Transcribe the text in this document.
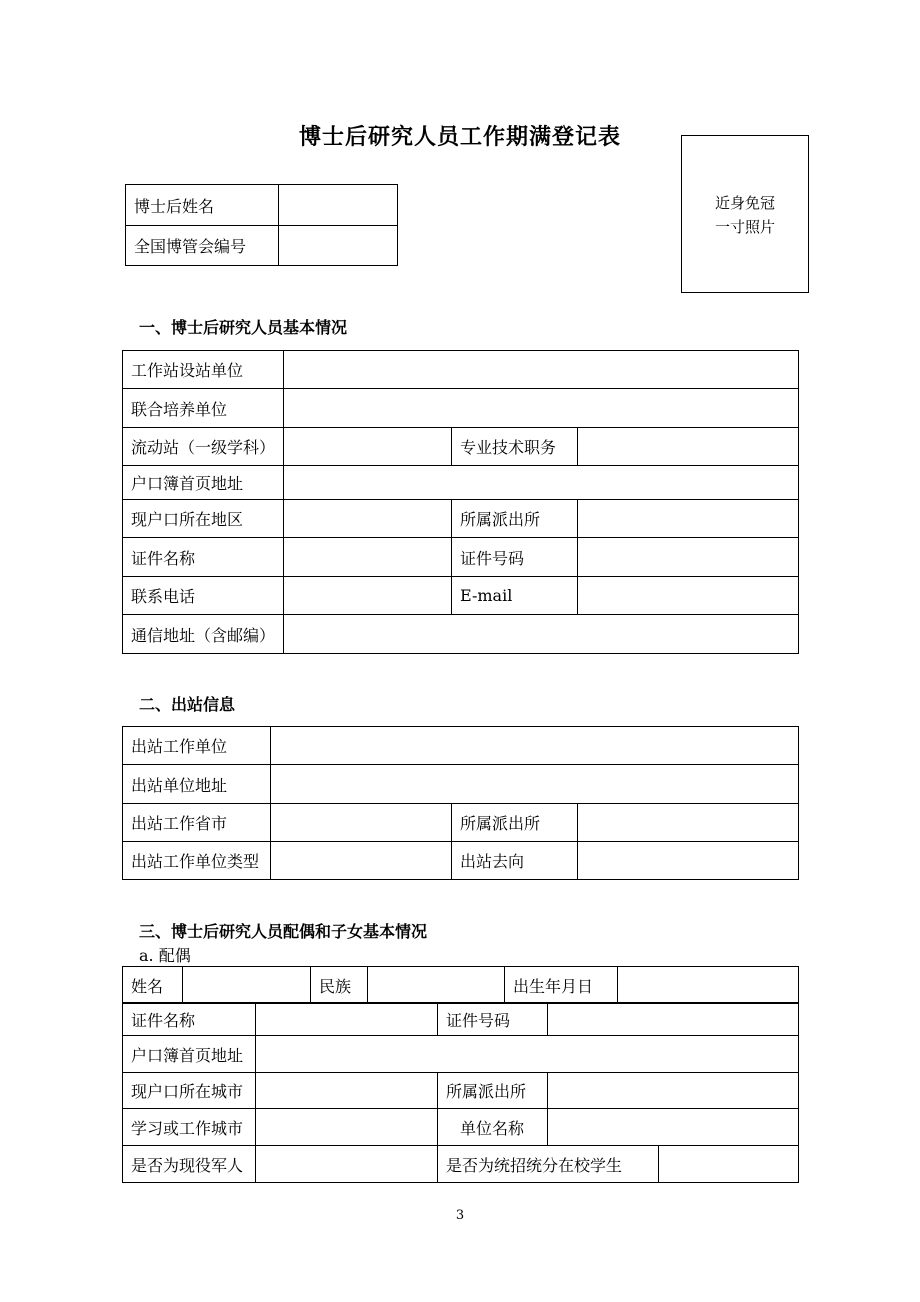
博士后研究人员工作期满登记表
近身免冠
一寸照片
博士后姓名	
全国博管会编号	
一、博士后研究人员基本情况
工作站设站单位	
联合培养单位	
流动站（一级学科）		专业技术职务	
户口簿首页地址	
现户口所在地区		所属派出所	
证件名称		证件号码	
联系电话		E-mail	
通信地址（含邮编）	
二、出站信息
出站工作单位	
出站单位地址	
出站工作省市		所属派出所	
出站工作单位类型		出站去向	
三、博士后研究人员配偶和子女基本情况
a. 配偶
姓名		民族		出生年月日	
证件名称		证件号码	
户口簿首页地址	
现户口所在城市		所属派出所	
学习或工作城市		单位名称	
是否为现役军人		是否为统招统分在校学生	
3
